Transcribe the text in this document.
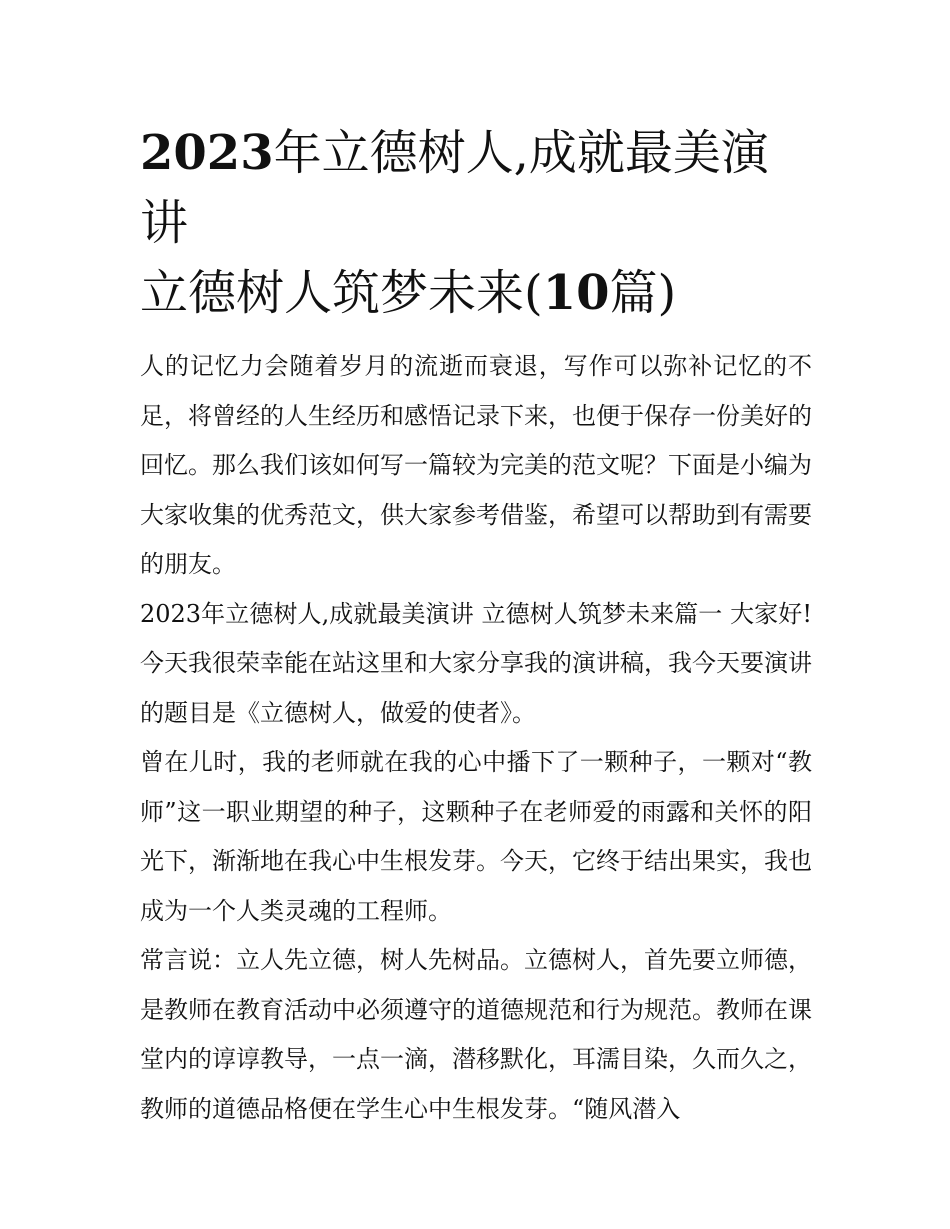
2023年立德树人,成就最美演讲
立德树人筑梦未来(10篇)

人的记忆力会随着岁月的流逝而衰退，写作可以弥补记忆的不足，将曾经的人生经历和感悟记录下来，也便于保存一份美好的回忆。那么我们该如何写一篇较为完美的范文呢？下面是小编为大家收集的优秀范文，供大家参考借鉴，希望可以帮助到有需要的朋友。

2023年立德树人,成就最美演讲 立德树人筑梦未来篇一 大家好! 今天我很荣幸能在站这里和大家分享我的演讲稿，我今天要演讲的题目是《立德树人，做爱的使者》。

曾在儿时，我的老师就在我的心中播下了一颗种子，一颗对“教师”这一职业期望的种子，这颗种子在老师爱的雨露和关怀的阳光下，渐渐地在我心中生根发芽。今天，它终于结出果实，我也成为一个人类灵魂的工程师。

常言说：立人先立德，树人先树品。立德树人，首先要立师德，是教师在教育活动中必须遵守的道德规范和行为规范。教师在课堂内的谆谆教导，一点一滴，潜移默化，耳濡目染，久而久之，教师的道德品格便在学生心中生根发芽。“随风潜入
